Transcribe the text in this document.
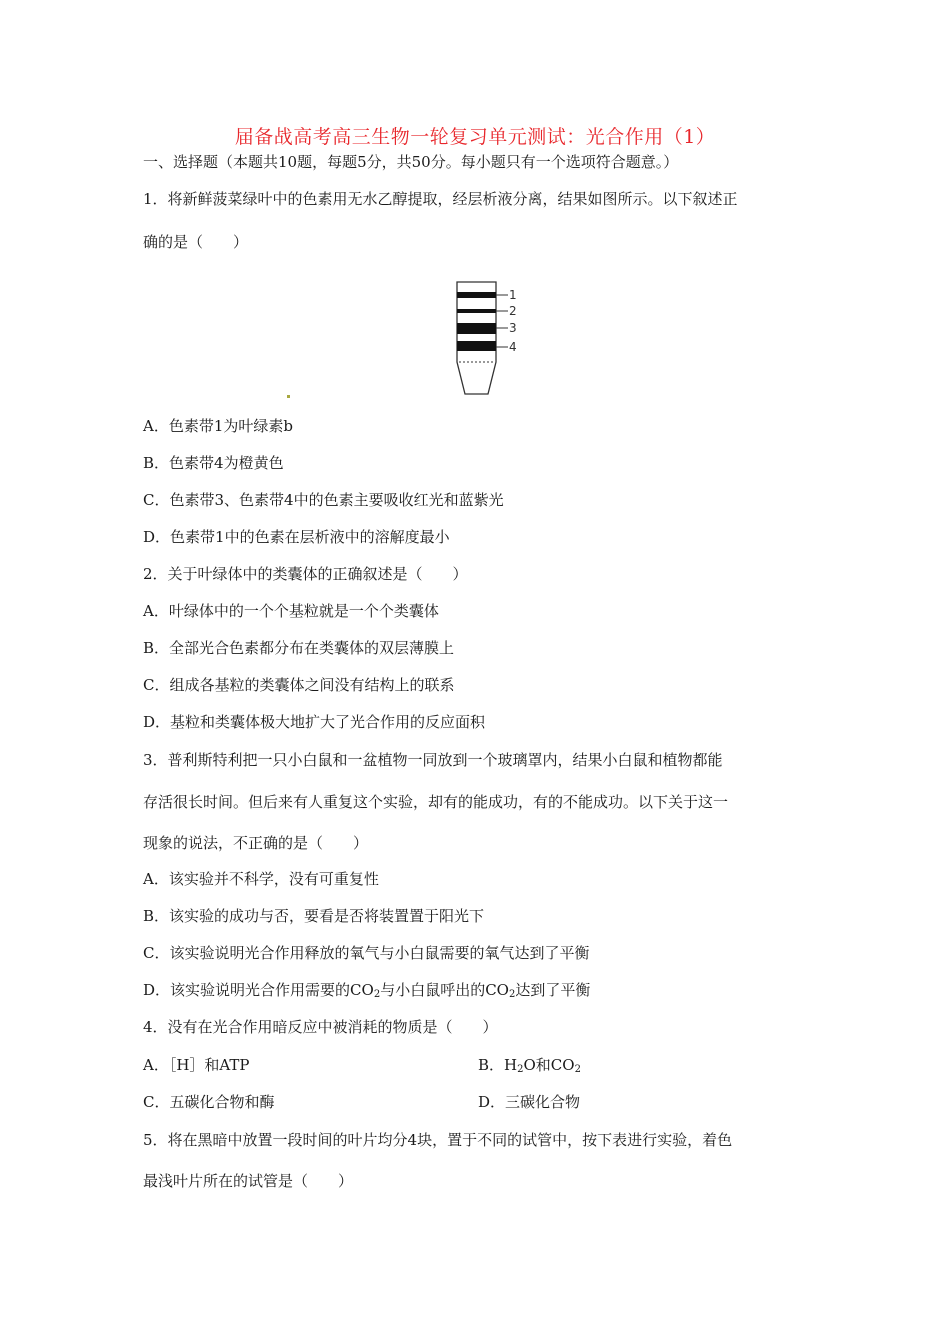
届备战高考高三生物一轮复习单元测试：光合作用（1）
一、选择题（本题共10题，每题5分，共50分。每小题只有一个选项符合题意。）
1．将新鲜菠菜绿叶中的色素用无水乙醇提取，经层析液分离，结果如图所示。以下叙述正
确的是（　　）
1
2
3
4
A．色素带1为叶绿素b
B．色素带4为橙黄色
C．色素带3、色素带4中的色素主要吸收红光和蓝紫光
D．色素带1中的色素在层析液中的溶解度最小
2．关于叶绿体中的类囊体的正确叙述是（　　）
A．叶绿体中的一个个基粒就是一个个类囊体
B．全部光合色素都分布在类囊体的双层薄膜上
C．组成各基粒的类囊体之间没有结构上的联系
D．基粒和类囊体极大地扩大了光合作用的反应面积
3．普利斯特利把一只小白鼠和一盆植物一同放到一个玻璃罩内，结果小白鼠和植物都能
存活很长时间。但后来有人重复这个实验，却有的能成功，有的不能成功。以下关于这一
现象的说法，不正确的是（　　）
A．该实验并不科学，没有可重复性
B．该实验的成功与否，要看是否将装置置于阳光下
C．该实验说明光合作用释放的氧气与小白鼠需要的氧气达到了平衡
D．该实验说明光合作用需要的$CO_2$与小白鼠呼出的$CO_2$达到了平衡
4．没有在光合作用暗反应中被消耗的物质是（　　）
A．［H］和ATP	B．$H_2O$和$CO_2$
C．五碳化合物和酶	D．三碳化合物
5．将在黑暗中放置一段时间的叶片均分4块，置于不同的试管中，按下表进行实验，着色
最浅叶片所在的试管是（　　）
